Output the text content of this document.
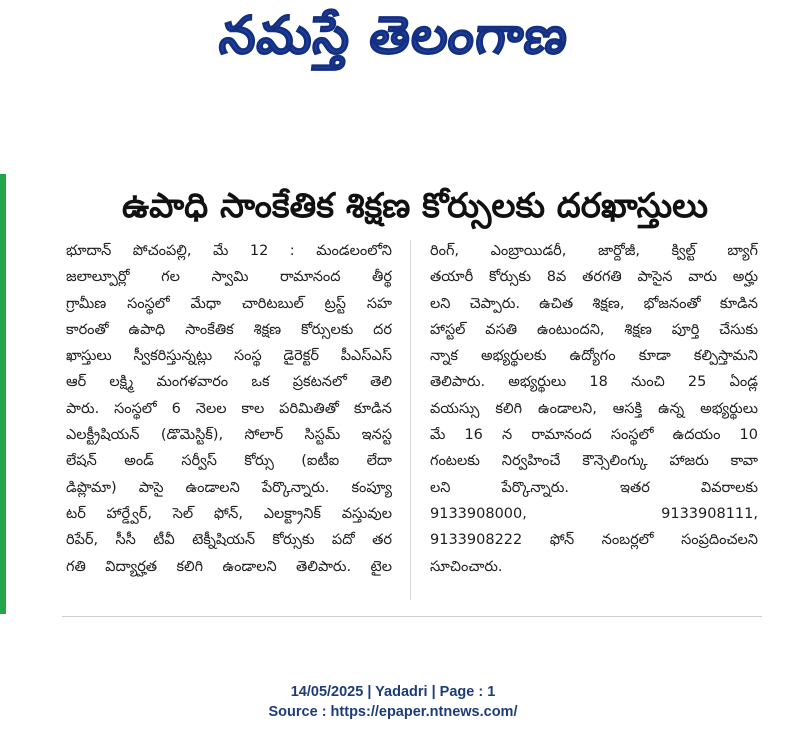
నమస్తే తెలంగాణ
ఉపాధి సాంకేతిక శిక్షణ కోర్సులకు దరఖాస్తులు
భూదాన్ పోచంపల్లి, మే 12 : మండలంలోని
జలాల్పూర్లో గల స్వామి రామానంద తీర్థ
గ్రామీణ సంస్థలో మేధా చారిటబుల్ ట్రస్ట్ సహ
కారంతో ఉపాధి సాంకేతిక శిక్షణ కోర్సులకు దర
ఖాస్తులు స్వీకరిస్తున్నట్లు సంస్థ డైరెక్టర్ పీఎస్ఎస్
ఆర్ లక్ష్మి మంగళవారం ఒక ప్రకటనలో తెలి
పారు. సంస్థలో 6 నెలల కాల పరిమితితో కూడిన
ఎలక్ట్రీషియన్ (డొమెస్టిక్), సోలార్ సిస్టమ్ ఇనస్ట
లేషన్ అండ్ సర్వీస్ కోర్సు (ఐటీఐ లేదా
డిప్లొమా) పాసై ఉండాలని పేర్కొన్నారు. కంప్యూ
టర్ హార్డ్వేర్, సెల్ ఫోన్, ఎలక్ట్రానిక్ వస్తువుల
రిపేర్, సీసీ టీవీ టెక్నీషియన్ కోర్సుకు పదో తర
గతి విద్యార్హత కలిగి ఉండాలని తెలిపారు. టైల
రింగ్, ఎంబ్రాయిడరీ, జార్దోజీ, క్విల్ట్ బ్యాగ్
తయారీ కోర్సుకు 8వ తరగతి పాసైన వారు అర్హు
లని చెప్పారు. ఉచిత శిక్షణ, భోజనంతో కూడిన
హాస్టల్ వసతి ఉంటుందని, శిక్షణ పూర్తి చేసుకు
న్నాక అభ్యర్థులకు ఉద్యోగం కూడా కల్పిస్తామని
తెలిపారు. అభ్యర్థులు 18 నుంచి 25 ఏండ్ల
వయస్సు కలిగి ఉండాలని, ఆసక్తి ఉన్న అభ్యర్థులు
మే 16 న రామానంద సంస్థలో ఉదయం 10
గంటలకు నిర్వహించే కౌన్సెలింగ్కు హాజరు కావా
లని పేర్కొన్నారు. ఇతర వివరాలకు
9133908000, 9133908111,
9133908222 ఫోన్ నంబర్లలో సంప్రదించలని
సూచించారు.
14/05/2025 | Yadadri | Page : 1
Source : https://epaper.ntnews.com/
